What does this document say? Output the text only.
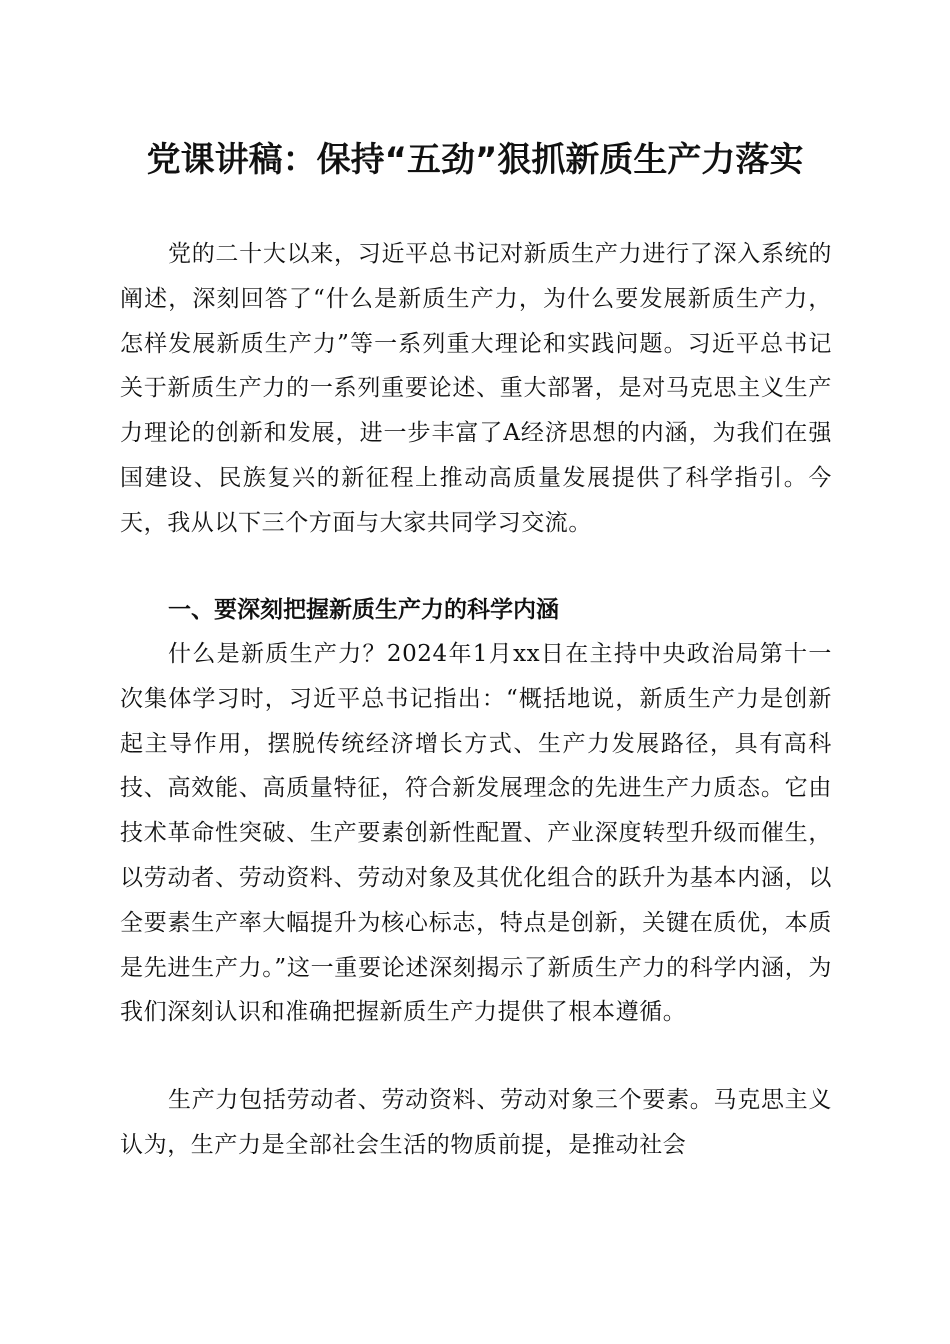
党课讲稿：保持“五劲”狠抓新质生产力落实

党的二十大以来，习近平总书记对新质生产力进行了深入系统的阐述，深刻回答了“什么是新质生产力，为什么要发展新质生产力，怎样发展新质生产力”等一系列重大理论和实践问题。习近平总书记关于新质生产力的一系列重要论述、重大部署，是对马克思主义生产力理论的创新和发展，进一步丰富了A经济思想的内涵，为我们在强国建设、民族复兴的新征程上推动高质量发展提供了科学指引。今天，我从以下三个方面与大家共同学习交流。

一、要深刻把握新质生产力的科学内涵

什么是新质生产力？2024年1月xx日在主持中央政治局第十一次集体学习时，习近平总书记指出：“概括地说，新质生产力是创新起主导作用，摆脱传统经济增长方式、生产力发展路径，具有高科技、高效能、高质量特征，符合新发展理念的先进生产力质态。它由技术革命性突破、生产要素创新性配置、产业深度转型升级而催生，以劳动者、劳动资料、劳动对象及其优化组合的跃升为基本内涵，以全要素生产率大幅提升为核心标志，特点是创新，关键在质优，本质是先进生产力。”这一重要论述深刻揭示了新质生产力的科学内涵，为我们深刻认识和准确把握新质生产力提供了根本遵循。

生产力包括劳动者、劳动资料、劳动对象三个要素。马克思主义认为，生产力是全部社会生活的物质前提，是推动社会
